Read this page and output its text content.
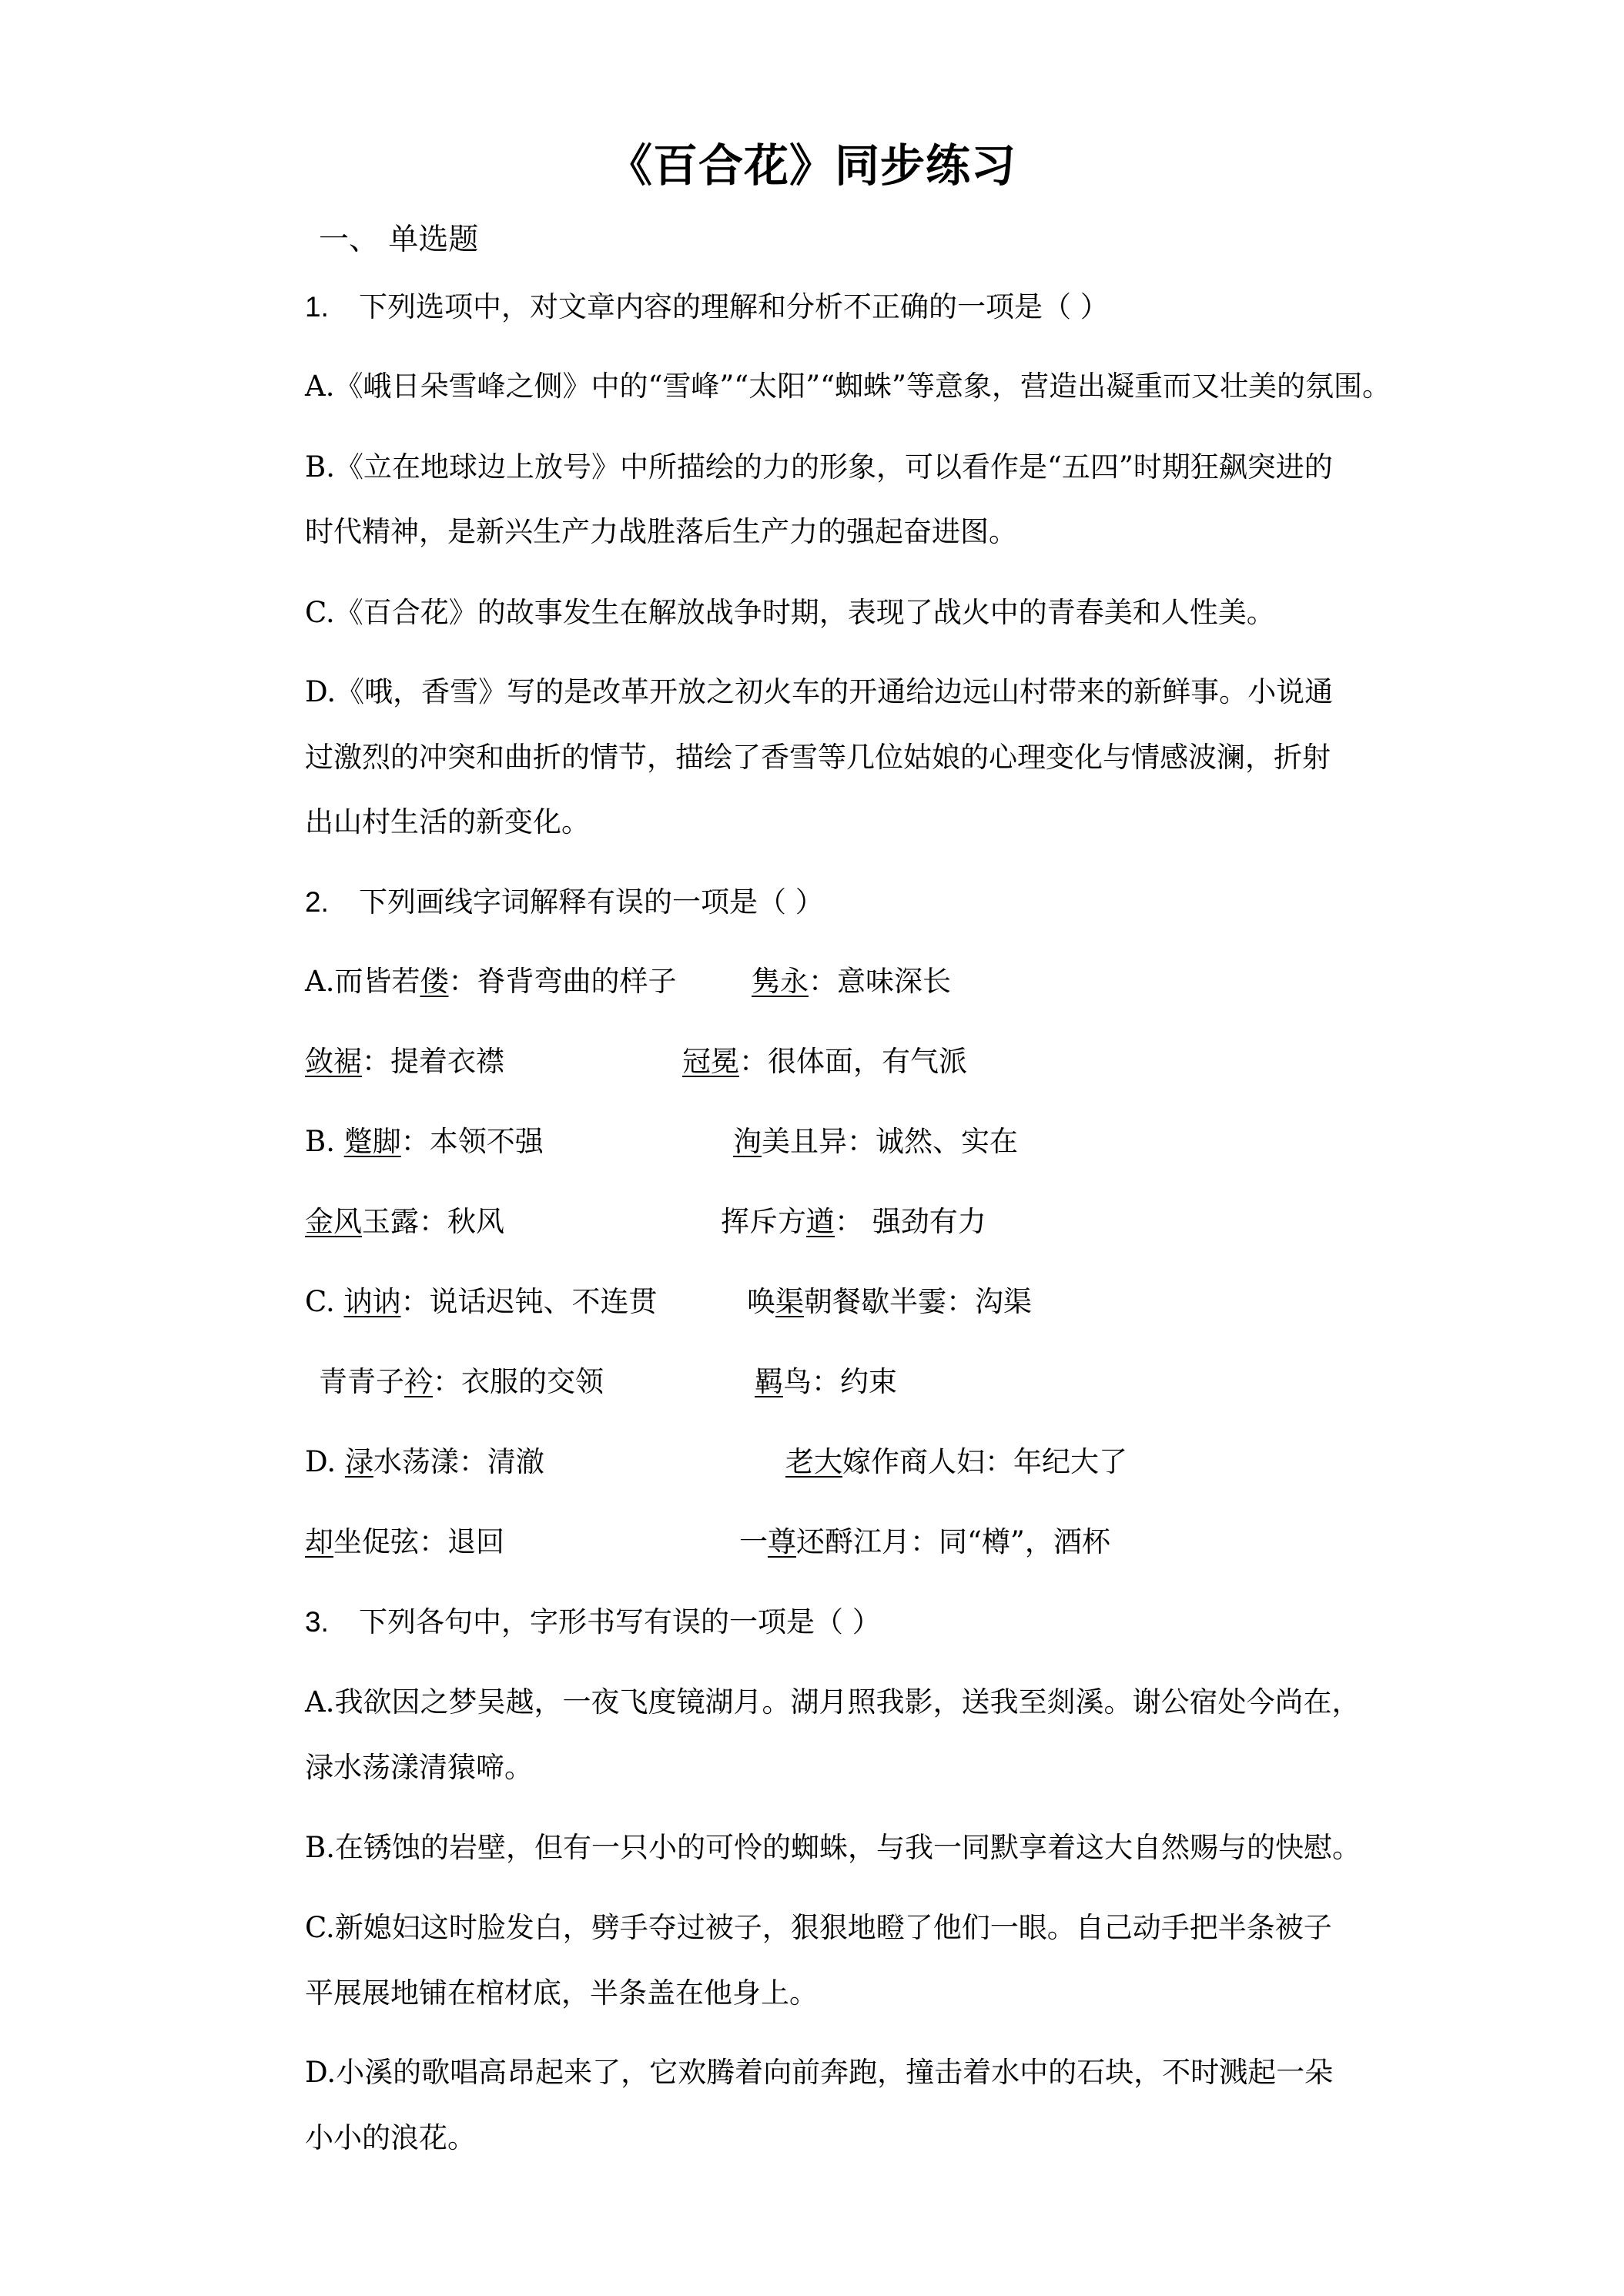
《百合花》同步练习
一、 单选题
1. 下列选项中，对文章内容的理解和分析不正确的一项是（ ）
A.《峨日朵雪峰之侧》中的“雪峰”“太阳”“蜘蛛”等意象，营造出凝重而又壮美的氛围。
B.《立在地球边上放号》中所描绘的力的形象，可以看作是“五四”时期狂飙突进的
时代精神，是新兴生产力战胜落后生产力的强起奋进图。
C.《百合花》的故事发生在解放战争时期，表现了战火中的青春美和人性美。
D.《哦，香雪》写的是改革开放之初火车的开通给边远山村带来的新鲜事。小说通
过激烈的冲突和曲折的情节，描绘了香雪等几位姑娘的心理变化与情感波澜，折射
出山村生活的新变化。
2. 下列画线字词解释有误的一项是（ ）
A.而皆若偻：脊背弯曲的样子	隽永：意味深长
敛裾：提着衣襟	冠冕：很体面，有气派
B. 蹩脚：本领不强	洵美且异：诚然、实在
金风玉露：秋风	挥斥方遒： 强劲有力
C. 讷讷：说话迟钝、不连贯	唤渠朝餐歇半霎：沟渠
青青子衿：衣服的交领	羁鸟：约束
D. 渌水荡漾：清澈	老大嫁作商人妇：年纪大了
却坐促弦：退回	一尊还酹江月：同“樽”，酒杯
3. 下列各句中，字形书写有误的一项是（ ）
A.我欲因之梦吴越，一夜飞度镜湖月。湖月照我影，送我至剡溪。谢公宿处今尚在，
渌水荡漾清猿啼。
B.在锈蚀的岩壁，但有一只小的可怜的蜘蛛，与我一同默享着这大自然赐与的快慰。
C.新媳妇这时脸发白，劈手夺过被子，狠狠地瞪了他们一眼。自己动手把半条被子
平展展地铺在棺材底，半条盖在他身上。
D.小溪的歌唱高昂起来了，它欢腾着向前奔跑，撞击着水中的石块，不时溅起一朵
小小的浪花。
